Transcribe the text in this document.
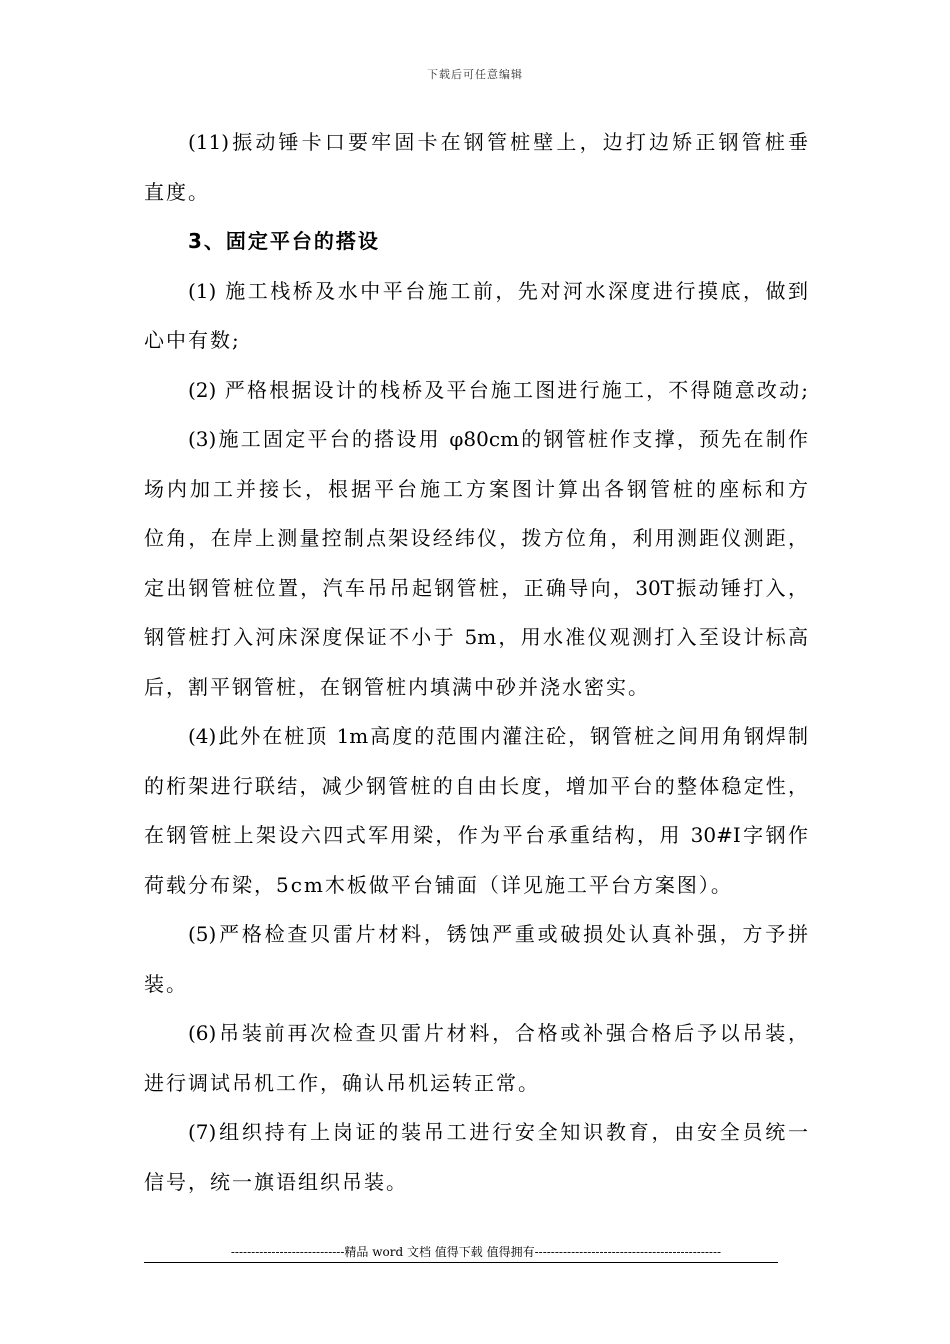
下载后可任意编辑
(11)振动锤卡口要牢固卡在钢管桩壁上，边打边矫正钢管桩垂
直度。
3、固定平台的搭设
(1) 施工栈桥及水中平台施工前，先对河水深度进行摸底，做到
心中有数;
(2) 严格根据设计的栈桥及平台施工图进行施工，不得随意改动;
(3)施工固定平台的搭设用 φ80cm的钢管桩作支撑，预先在制作
场内加工并接长，根据平台施工方案图计算出各钢管桩的座标和方
位角，在岸上测量控制点架设经纬仪，拨方位角，利用测距仪测距，
定出钢管桩位置，汽车吊吊起钢管桩，正确导向，30T振动锤打入，
钢管桩打入河床深度保证不小于 5m，用水准仪观测打入至设计标高
后，割平钢管桩，在钢管桩内填满中砂并浇水密实。
(4)此外在桩顶 1m高度的范围内灌注砼，钢管桩之间用角钢焊制
的桁架进行联结，减少钢管桩的自由长度，增加平台的整体稳定性，
在钢管桩上架设六四式军用梁，作为平台承重结构，用 30#I字钢作
荷载分布梁，5cm木板做平台铺面（详见施工平台方案图）。
(5)严格检查贝雷片材料，锈蚀严重或破损处认真补强，方予拼
装。
(6)吊装前再次检查贝雷片材料，合格或补强合格后予以吊装，
进行调试吊机工作，确认吊机运转正常。
(7)组织持有上岗证的装吊工进行安全知识教育，由安全员统一
信号，统一旗语组织吊装。
----------------------------精品 word 文档 值得下载 值得拥有----------------------------------------------
